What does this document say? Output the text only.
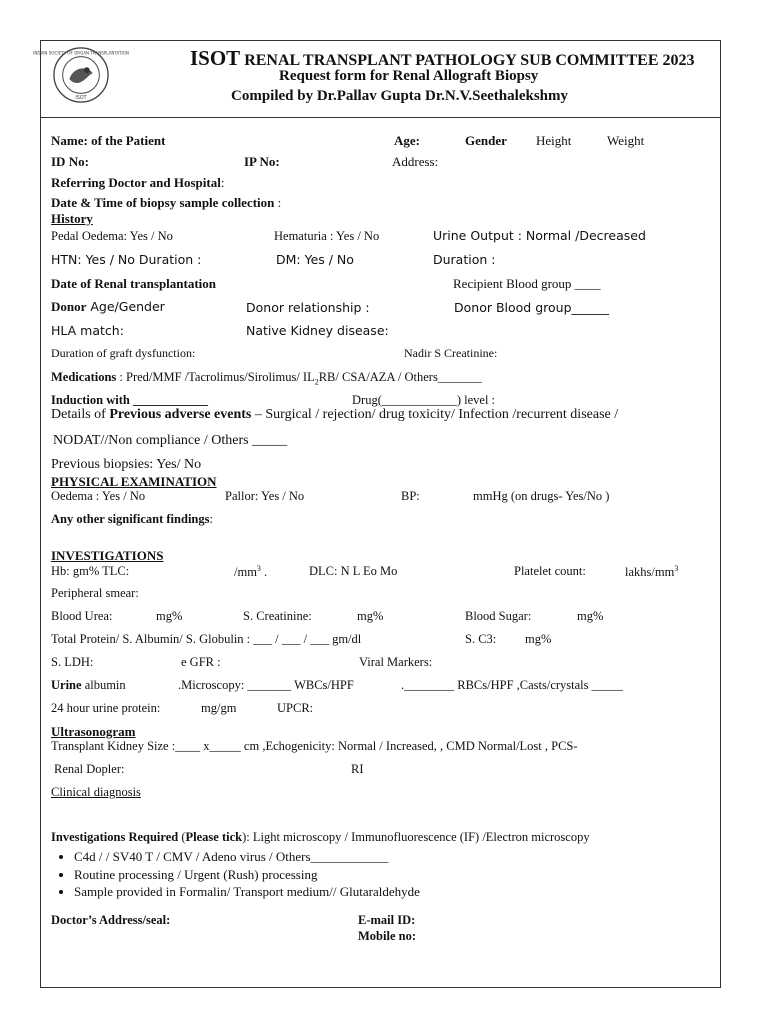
INDIAN SOCIETY OF ORGAN TRANSPLANTATION
ISOT
ISOT RENAL TRANSPLANT PATHOLOGY SUB COMMITTEE 2023
Request form for Renal Allograft Biopsy
Compiled by Dr.Pallav Gupta Dr.N.V.Seethalekshmy
Name: of the Patient	Age:	Gender Height	Weight
ID No:	IP No:	Address:
Referring Doctor and Hospital:
Date & Time of biopsy sample collection :
History
Pedal Oedema: Yes / No	Hematuria : Yes / No	Urine Output : Normal /Decreased
HTN: Yes / No Duration :	DM: Yes / No	Duration :
Date of Renal transplantation	Recipient Blood group ____
Donor Age/Gender	Donor relationship :	Donor Blood group______
HLA match:	Native Kidney disease:
Duration of graft dysfunction:	Nadir S Creatinine:
Medications : Pred/MMF /Tacrolimus/Sirolimus/ $IL_2RB/$ CSA/AZA / Others_______
Induction with ____________	Drug(____________) level :
Details of Previous adverse events – Surgical / rejection/ drug toxicity/ Infection /recurrent disease /
NODAT//Non compliance / Others _____
Previous biopsies: Yes/ No
PHYSICAL EXAMINATION
Oedema : Yes / No	Pallor: Yes / No	BP:	mmHg (on drugs- Yes/No )
Any other significant findings:
INVESTIGATIONS
Hb: gm% TLC:	$/mm^3$ .	DLC: N L Eo Mo	Platelet count:	lakhs/$mm^3$
Peripheral smear:
Blood Urea:	mg%	S. Creatinine:	mg%	Blood Sugar:	mg%
Total Protein/ S. Albumin/ S. Globulin : ___ / ___ / ___ gm/dl	S. C3: mg%
S. LDH:	e GFR :	Viral Markers:
Urine albumin	.Microscopy: _______ WBCs/HPF	.________ RBCs/HPF ,Casts/crystals _____
24 hour urine protein:	mg/gm	UPCR:
Ultrasonogram
Transplant Kidney Size :____ x_____ cm ,Echogenicity: Normal / Increased, , CMD Normal/Lost , PCS-
Renal Dopler:	RI
Clinical diagnosis
Investigations Required (Please tick): Light microscopy / Immunofluorescence (IF) /Electron microscopy
• C4d / / SV40 T / CMV / Adeno virus / Others____________
• Routine processing / Urgent (Rush) processing
• Sample provided in Formalin/ Transport medium// Glutaraldehyde
Doctor’s Address/seal:	E-mail ID:
Mobile no:
